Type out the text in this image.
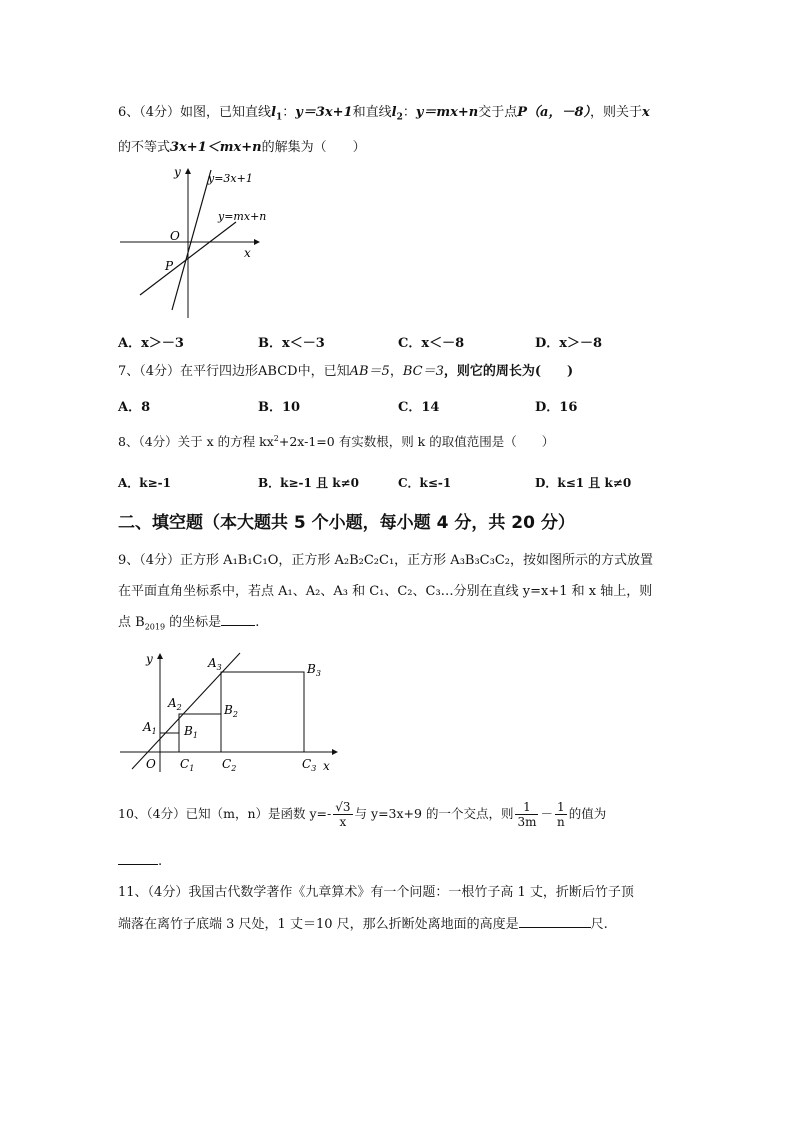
6、（4分）如图，已知直线$l_1$：y＝3x+1和直线$l_2$：y＝mx+n交于点P（a，－8），则关于x
的不等式3x+1＜mx+n的解集为（　　）
y
x
O
P
y=3x+1
y=mx+n
A．x＞－3	B．x＜－3	C．x＜－8	D．x＞－8
7、（4分）在平行四边形ABCD中，已知AB＝5，BC＝3，则它的周长为(　　)
A．8	B．10	C．14	D．16
8、（4分）关于 x 的方程 $kx^2+2x-1=0$ 有实数根，则 k 的取值范围是（　　）
A．k≥-1	B．k≥-1 且 k≠0	C．k≤-1	D．k≤1 且 k≠0
二、填空题（本大题共 5 个小题，每小题 4 分，共 20 分）
9、（4分）正方形 A₁B₁C₁O，正方形 A₂B₂C₂C₁，正方形 A₃B₃C₃C₂，按如图所示的方式放置
在平面直角坐标系中，若点 A₁、A₂、A₃ 和 C₁、C₂、C₃…分别在直线 y=x+1 和 x 轴上，则
点 $B_{2019}$ 的坐标是	.
y
x
O
$A_1$
$A_2$
$A_3$
$B_1$
$B_2$
$B_3$
$C_1$ $C_2$	$C_3$
10、（4分）已知（m，n）是函数 $y=- \frac{√3}{x}$ 与 y=3x+9 的一个交点，则 $\frac{1}{3m} - \frac{1}{n}$ 的值为
.
11、（4分）我国古代数学著作《九章算术》有一个问题：一根竹子高 1 丈，折断后竹子顶
端落在离竹子底端 3 尺处，1 丈＝10 尺，那么折断处离地面的高度是	尺.
